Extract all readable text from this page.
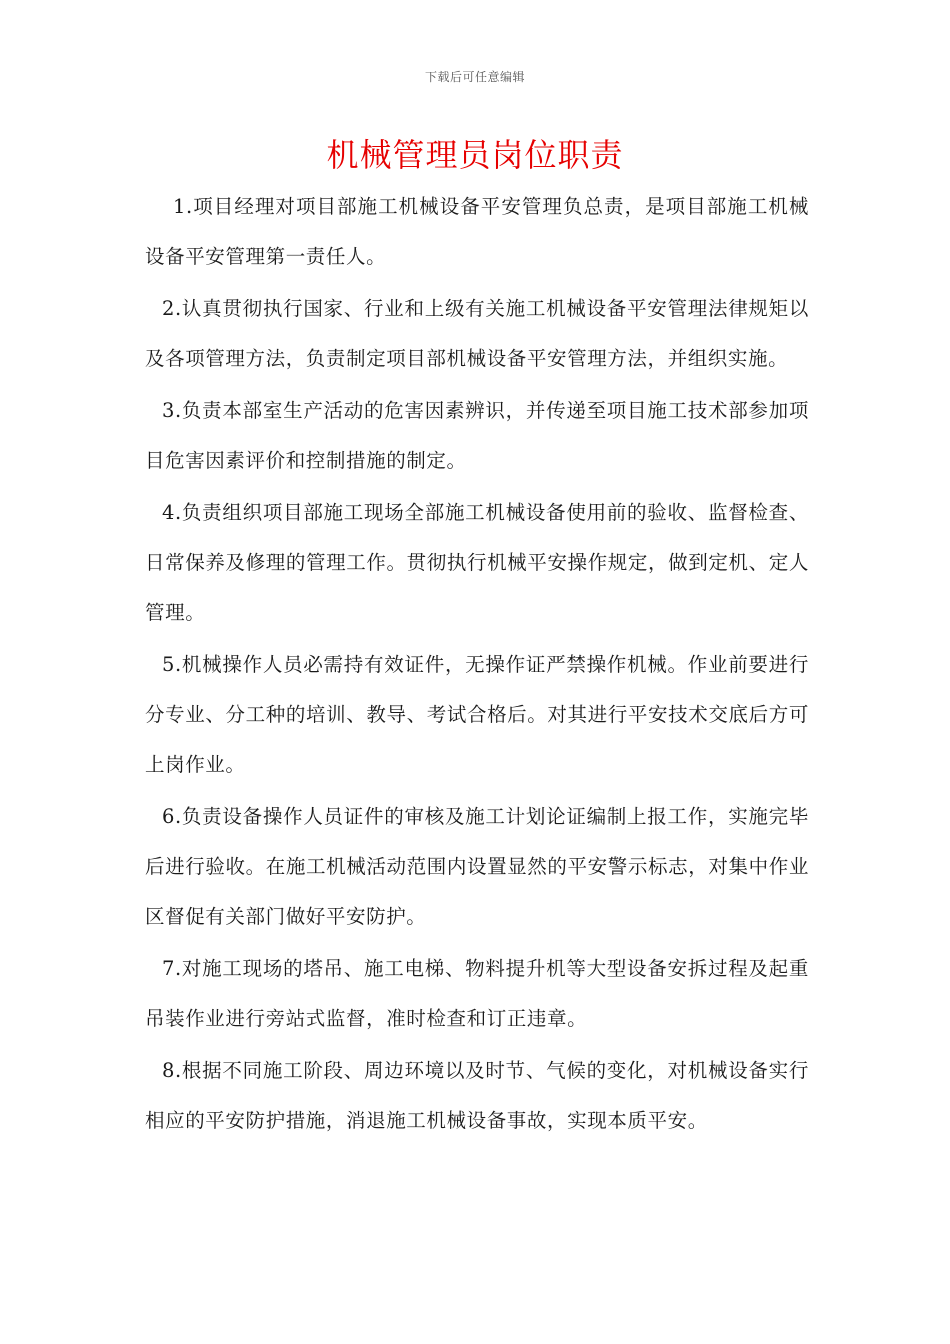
下载后可任意编辑
机械管理员岗位职责

1.项目经理对项目部施工机械设备平安管理负总责，是项目部施工机械设备平安管理第一责任人。

2.认真贯彻执行国家、行业和上级有关施工机械设备平安管理法律规矩以及各项管理方法，负责制定项目部机械设备平安管理方法，并组织实施。

3.负责本部室生产活动的危害因素辨识，并传递至项目施工技术部参加项目危害因素评价和控制措施的制定。

4.负责组织项目部施工现场全部施工机械设备使用前的验收、监督检查、日常保养及修理的管理工作。贯彻执行机械平安操作规定，做到定机、定人管理。

5.机械操作人员必需持有效证件，无操作证严禁操作机械。作业前要进行分专业、分工种的培训、教导、考试合格后。对其进行平安技术交底后方可上岗作业。

6.负责设备操作人员证件的审核及施工计划论证编制上报工作，实施完毕后进行验收。在施工机械活动范围内设置显然的平安警示标志，对集中作业区督促有关部门做好平安防护。

7.对施工现场的塔吊、施工电梯、物料提升机等大型设备安拆过程及起重吊装作业进行旁站式监督，准时检查和订正违章。

8.根据不同施工阶段、周边环境以及时节、气候的变化，对机械设备实行相应的平安防护措施，消退施工机械设备事故，实现本质平安。
